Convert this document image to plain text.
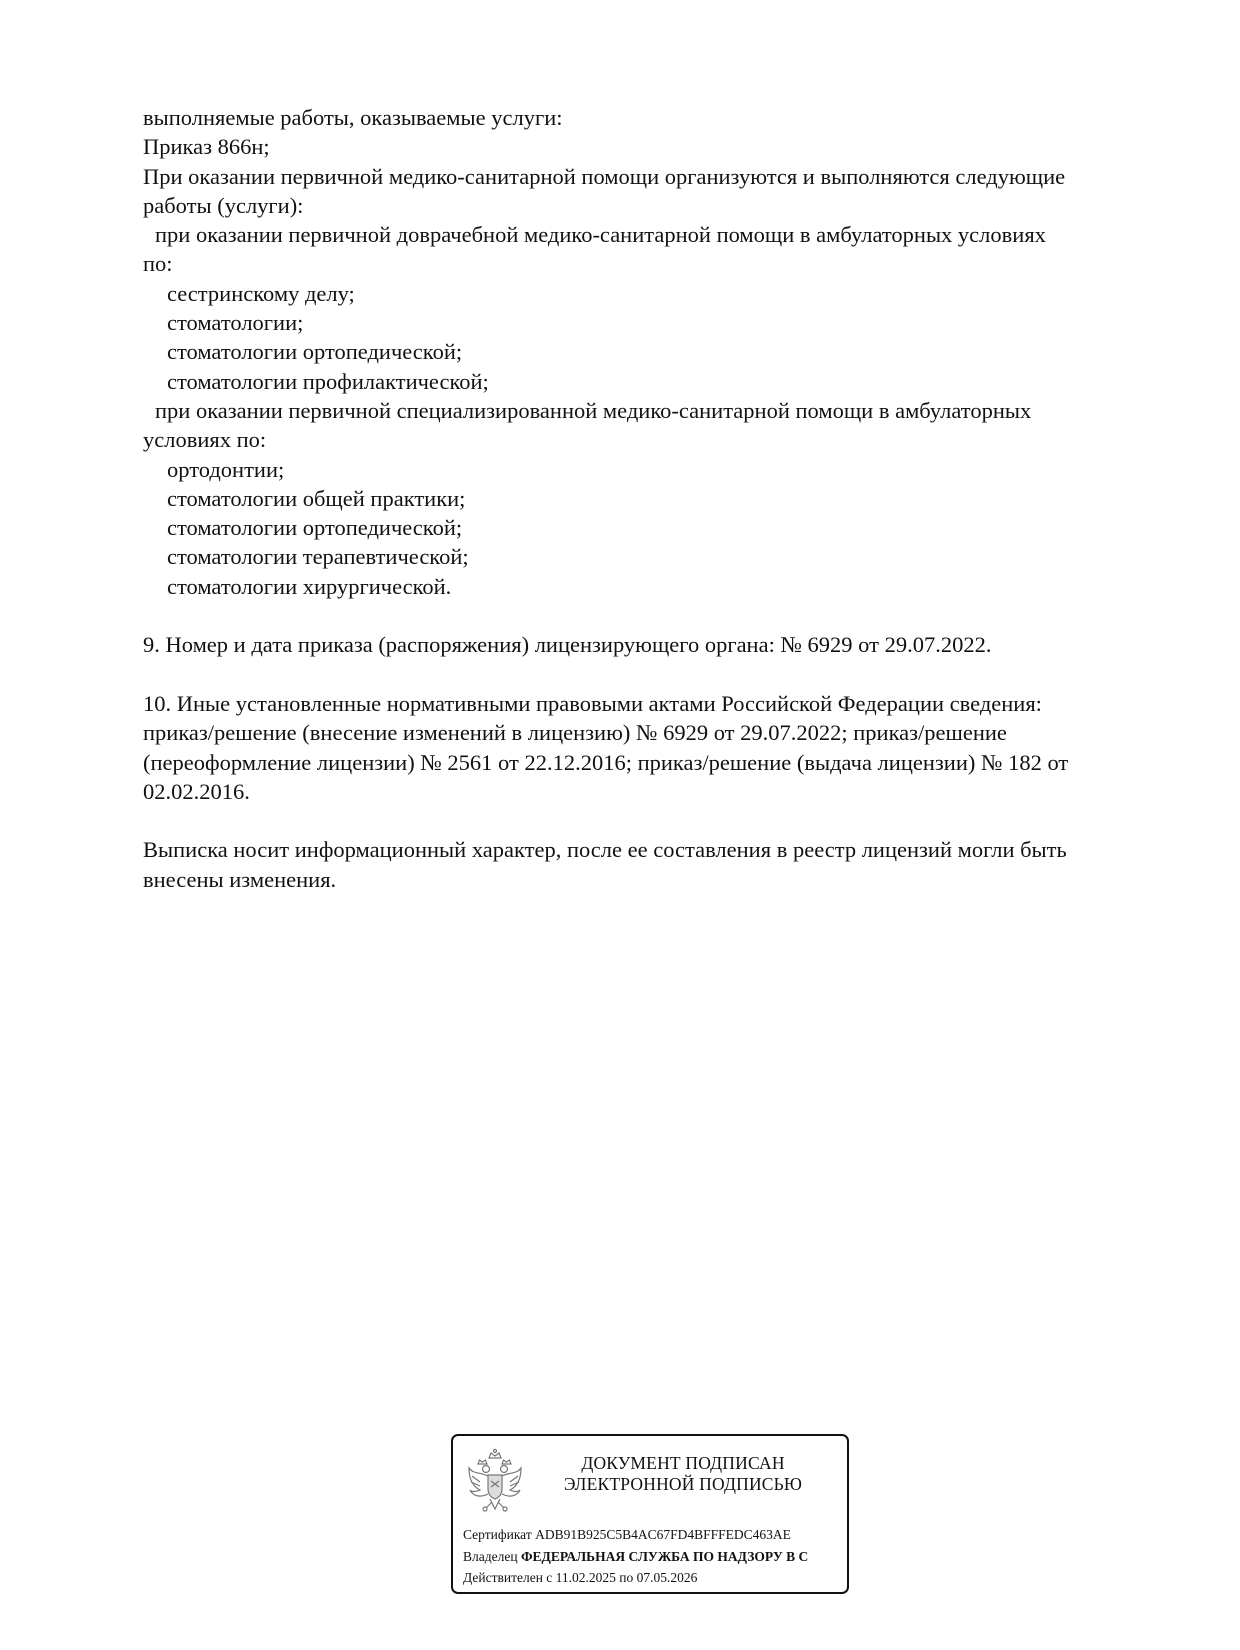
выполняемые работы, оказываемые услуги:
Приказ 866н;
При оказании первичной медико-санитарной помощи организуются и выполняются следующие
работы (услуги):
при оказании первичной доврачебной медико-санитарной помощи в амбулаторных условиях
по:
сестринскому делу;
стоматологии;
стоматологии ортопедической;
стоматологии профилактической;
при оказании первичной специализированной медико-санитарной помощи в амбулаторных
условиях по:
ортодонтии;
стоматологии общей практики;
стоматологии ортопедической;
стоматологии терапевтической;
стоматологии хирургической.
9. Номер и дата приказа (распоряжения) лицензирующего органа: № 6929 от 29.07.2022.
10. Иные установленные нормативными правовыми актами Российской Федерации сведения:
приказ/решение (внесение изменений в лицензию) № 6929 от 29.07.2022; приказ/решение
(переоформление лицензии) № 2561 от 22.12.2016; приказ/решение (выдача лицензии) № 182 от
02.02.2016.
Выписка носит информационный характер, после ее составления в реестр лицензий могли быть
внесены изменения.
ДОКУМЕНТ ПОДПИСАН
ЭЛЕКТРОННОЙ ПОДПИСЬЮ
Сертификат ADB91B925C5B4AC67FD4BFFFEDC463AE
Владелец ФЕДЕРАЛЬНАЯ СЛУЖБА ПО НАДЗОРУ В С
Действителен с 11.02.2025 по 07.05.2026
